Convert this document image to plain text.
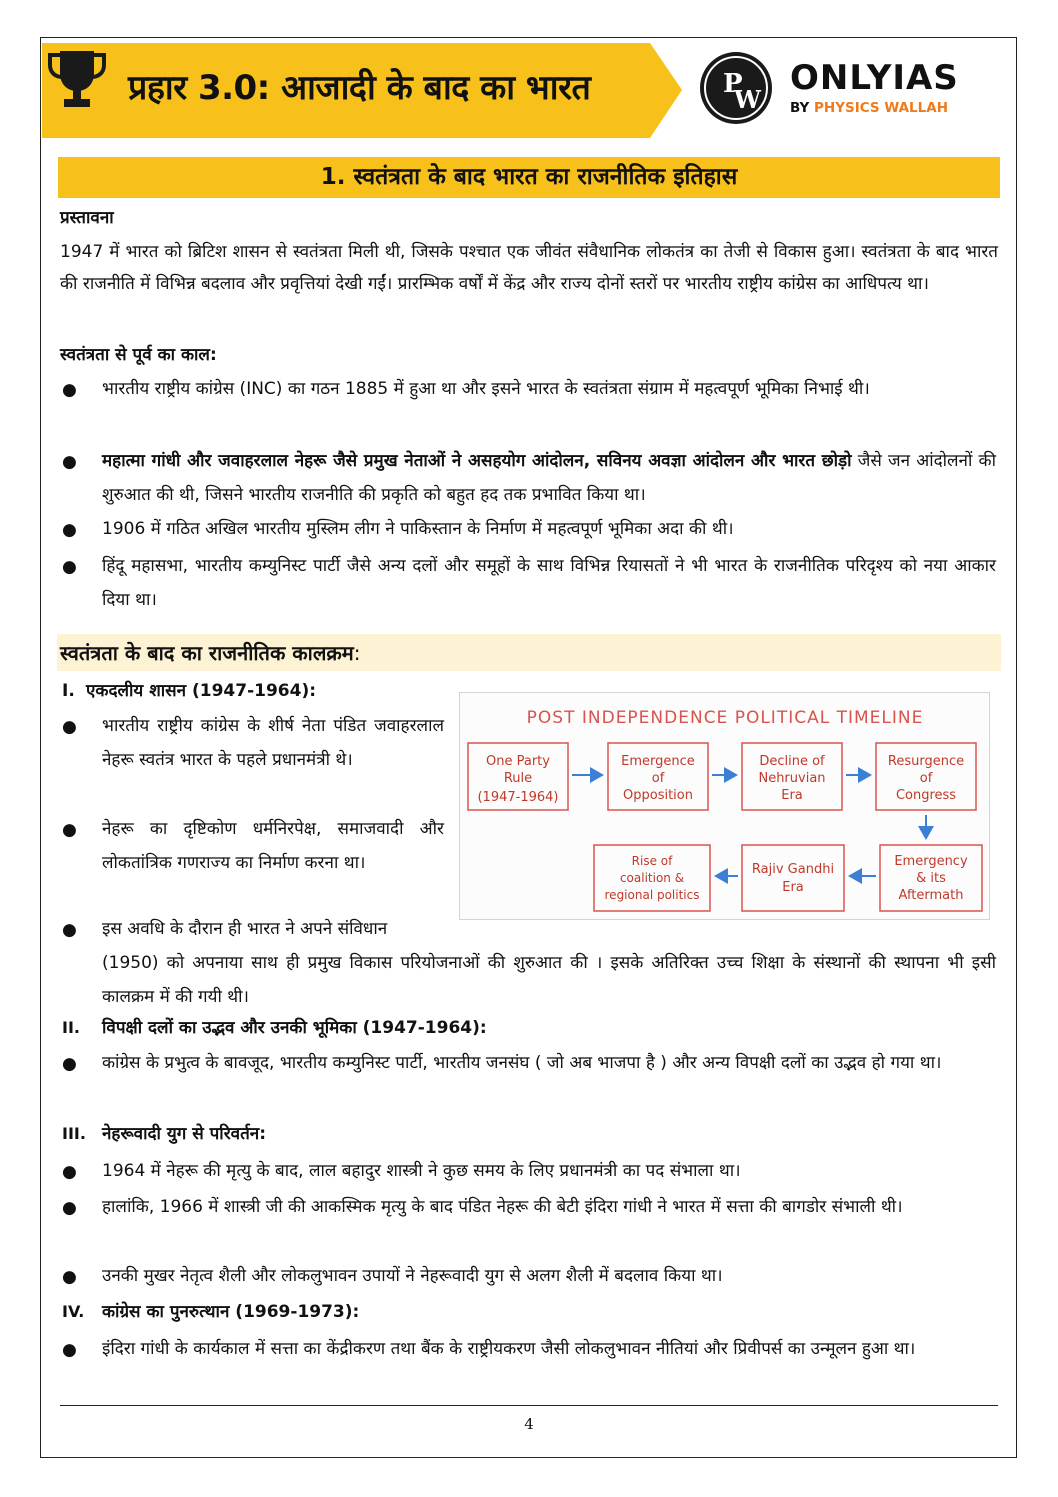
प्रहार 3.0: आजादी के बाद का भारत	P
W
ONLYIAS
BY PHYSICS WALLAH
1. स्वतंत्रता के बाद भारत का राजनीतिक इतिहास
प्रस्तावना
1947 में भारत को ब्रिटिश शासन से स्वतंत्रता मिली थी, जिसके पश्चात एक जीवंत संवैधानिक लोकतंत्र का तेजी से विकास हुआ। स्वतंत्रता के बाद भारत की राजनीति में विभिन्न बदलाव और प्रवृत्तियां देखी गईं। प्रारम्भिक वर्षों में केंद्र और राज्य दोनों स्तरों पर भारतीय राष्ट्रीय कांग्रेस का आधिपत्य था।
स्वतंत्रता से पूर्व का काल:
● भारतीय राष्ट्रीय कांग्रेस (INC) का गठन 1885 में हुआ था और इसने भारत के स्वतंत्रता संग्राम में महत्वपूर्ण भूमिका निभाई थी।
● महात्मा गांधी और जवाहरलाल नेहरू जैसे प्रमुख नेताओं ने असहयोग आंदोलन, सविनय अवज्ञा आंदोलन और भारत छोड़ो जैसे जन आंदोलनों की शुरुआत की थी, जिसने भारतीय राजनीति की प्रकृति को बहुत हद तक प्रभावित किया था।
● 1906 में गठित अखिल भारतीय मुस्लिम लीग ने पाकिस्तान के निर्माण में महत्वपूर्ण भूमिका अदा की थी।
● हिंदू महासभा, भारतीय कम्युनिस्ट पार्टी जैसे अन्य दलों और समूहों के साथ विभिन्न रियासतों ने भी भारत के राजनीतिक परिदृश्य को नया आकार दिया था।
स्वतंत्रता के बाद का राजनीतिक कालक्रम:
I. एकदलीय शासन (1947-1964):
● भारतीय राष्ट्रीय कांग्रेस के शीर्ष नेता पंडित जवाहरलाल नेहरू स्वतंत्र भारत के पहले प्रधानमंत्री थे।
● नेहरू का दृष्टिकोण धर्मनिरपेक्ष, समाजवादी और लोकतांत्रिक गणराज्य का निर्माण करना था।
● इस अवधि के दौरान ही भारत ने अपने संविधान
(1950) को अपनाया साथ ही प्रमुख विकास परियोजनाओं की शुरुआत की । इसके अतिरिक्त उच्च शिक्षा के संस्थानों की स्थापना भी इसी कालक्रम में की गयी थी।
POST INDEPENDENCE POLITICAL TIMELINE
One Party
Rule
(1947-1964)
Emergence
of
Opposition
Decline of
Nehruvian
Era
Resurgence
of
Congress
Emergency
& its
Aftermath
Rajiv Gandhi
Era
Rise of
coalition &
regional politics
II. विपक्षी दलों का उद्भव और उनकी भूमिका (1947-1964):
● कांग्रेस के प्रभुत्व के बावजूद, भारतीय कम्युनिस्ट पार्टी, भारतीय जनसंघ ( जो अब भाजपा है ) और अन्य विपक्षी दलों का उद्भव हो गया था।
III. नेहरूवादी युग से परिवर्तन:
● 1964 में नेहरू की मृत्यु के बाद, लाल बहादुर शास्त्री ने कुछ समय के लिए प्रधानमंत्री का पद संभाला था।
● हालांकि, 1966 में शास्त्री जी की आकस्मिक मृत्यु के बाद पंडित नेहरू की बेटी इंदिरा गांधी ने भारत में सत्ता की बागडोर संभाली थी।
● उनकी मुखर नेतृत्व शैली और लोकलुभावन उपायों ने नेहरूवादी युग से अलग शैली में बदलाव किया था।
IV. कांग्रेस का पुनरुत्थान (1969-1973):
● इंदिरा गांधी के कार्यकाल में सत्ता का केंद्रीकरण तथा बैंक के राष्ट्रीयकरण जैसी लोकलुभावन नीतियां और प्रिवीपर्स का उन्मूलन हुआ था।
4
